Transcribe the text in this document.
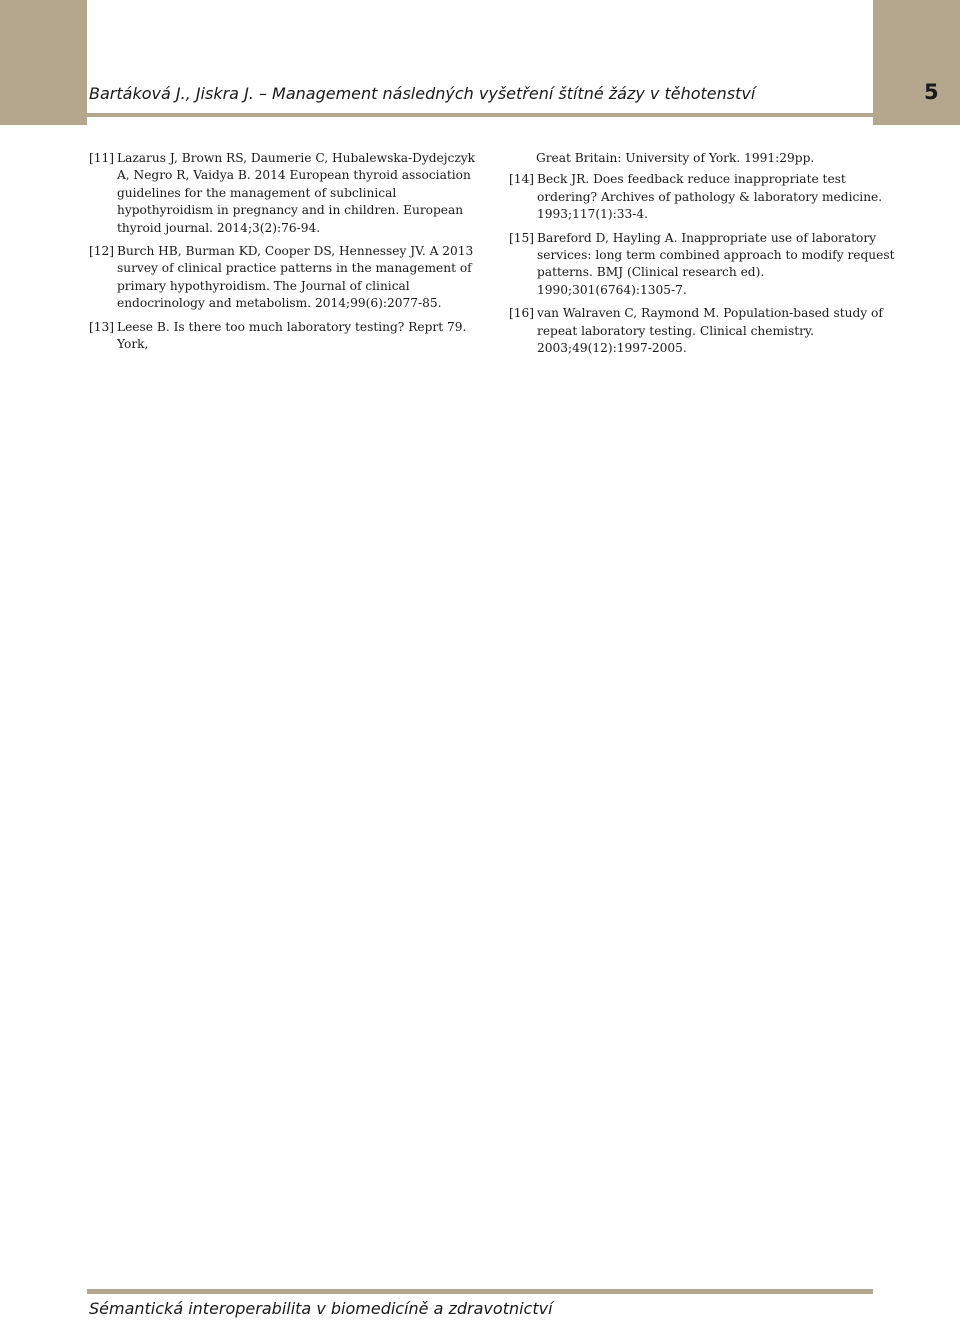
Bartáková J., Jiskra J. – Management následných vyšetření štítné žázy v těhotenství	5
[11] Lazarus J, Brown RS, Daumerie C, Hubalewska-Dydejczyk A, Negro R, Vaidya B. 2014 European thyroid association guidelines for the management of subclinical hypothyroidism in pregnancy and in children. European thyroid journal. 2014;3(2):76-94.
[12] Burch HB, Burman KD, Cooper DS, Hennessey JV. A 2013 survey of clinical practice patterns in the management of primary hypothyroidism. The Journal of clinical endocrinology and metabolism. 2014;99(6):2077-85.
[13] Leese B. Is there too much laboratory testing? Reprt 79. York,
Great Britain: University of York. 1991:29pp.
[14] Beck JR. Does feedback reduce inappropriate test ordering? Archives of pathology & laboratory medicine. 1993;117(1):33-4.
[15] Bareford D, Hayling A. Inappropriate use of laboratory services: long term combined approach to modify request patterns. BMJ (Clinical research ed). 1990;301(6764):1305-7.
[16] van Walraven C, Raymond M. Population-based study of repeat laboratory testing. Clinical chemistry. 2003;49(12):1997-2005.
Sémantická interoperabilita v biomedicíně a zdravotnictví
